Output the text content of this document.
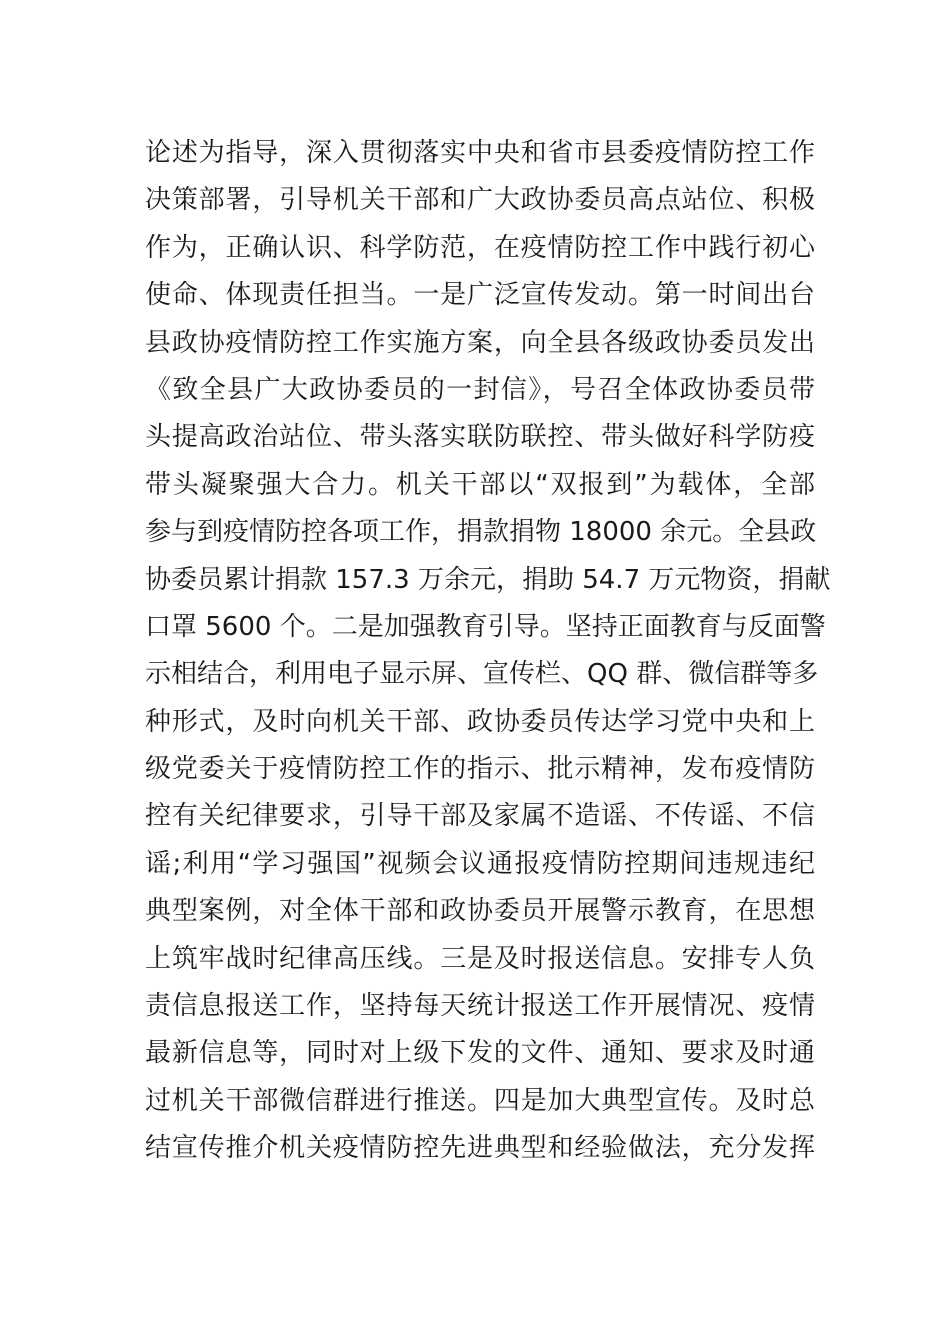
论述为指导，深入贯彻落实中央和省市县委疫情防控工作
决策部署，引导机关干部和广大政协委员高点站位、积极
作为，正确认识、科学防范，在疫情防控工作中践行初心
使命、体现责任担当。一是广泛宣传发动。第一时间出台
县政协疫情防控工作实施方案，向全县各级政协委员发出
《致全县广大政协委员的一封信》，号召全体政协委员带
头提高政治站位、带头落实联防联控、带头做好科学防疫
带头凝聚强大合力。机关干部以“双报到”为载体，全部
参与到疫情防控各项工作，捐款捐物 18000 余元。全县政
协委员累计捐款 157.3 万余元，捐助 54.7 万元物资，捐献
口罩 5600 个。二是加强教育引导。坚持正面教育与反面警
示相结合，利用电子显示屏、宣传栏、QQ 群、微信群等多
种形式，及时向机关干部、政协委员传达学习党中央和上
级党委关于疫情防控工作的指示、批示精神，发布疫情防
控有关纪律要求，引导干部及家属不造谣、不传谣、不信
谣;利用“学习强国”视频会议通报疫情防控期间违规违纪
典型案例，对全体干部和政协委员开展警示教育，在思想
上筑牢战时纪律高压线。三是及时报送信息。安排专人负
责信息报送工作，坚持每天统计报送工作开展情况、疫情
最新信息等，同时对上级下发的文件、通知、要求及时通
过机关干部微信群进行推送。四是加大典型宣传。及时总
结宣传推介机关疫情防控先进典型和经验做法，充分发挥
